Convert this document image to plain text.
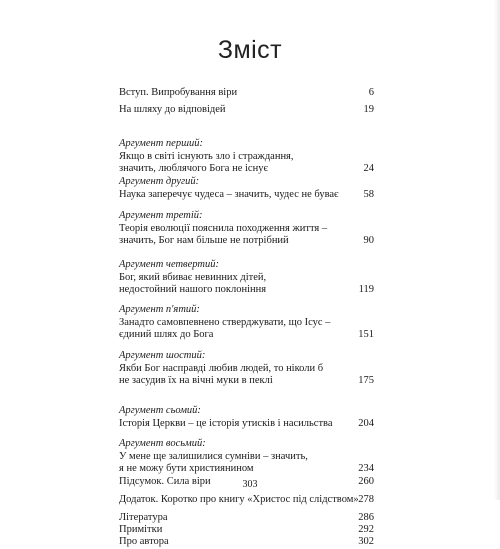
Зміст
Вступ. Випробування віри	6
На шляху до відповідей	19
Аргумент перший:
Якщо в світі існують зло і страждання,
значить, люблячого Бога не існує	24
Аргумент другий:
Наука заперечує чудеса – значить, чудес не буває	58
Аргумент третій:
Теорія еволюції пояснила походження життя –
значить, Бог нам більше не потрібний	90
Аргумент четвертий:
Бог, який вбиває невинних дітей,
недостойний нашого поклоніння	119
Аргумент п'ятий:
Занадто самовпевнено стверджувати, що Ісус –
єдиний шлях до Бога	151
Аргумент шостий:
Якби Бог насправді любив людей, то ніколи б
не засудив їх на вічні муки в пеклі	175
Аргумент сьомий:
Історія Церкви – це історія утисків і насильства	204
Аргумент восьмий:
У мене ще залишилися сумніви – значить,
я не можу бути християнином	234
Підсумок. Сила віри	260
Додаток. Коротко про книгу «Христос під слідством» 278
Література	286
Примітки	292
Про автора	302
303
